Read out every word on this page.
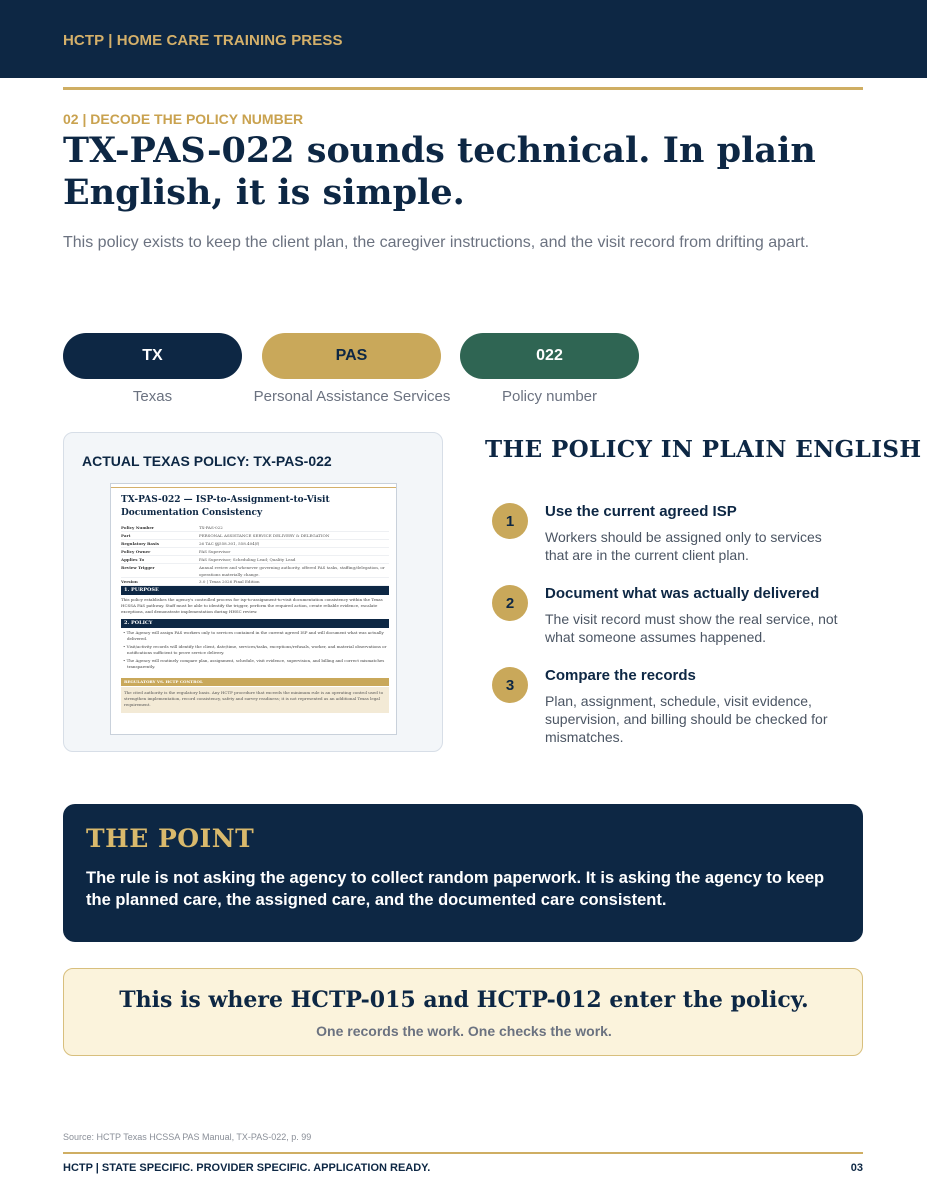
HCTP | HOME CARE TRAINING PRESS
02 | DECODE THE POLICY NUMBER
TX-PAS-022 sounds technical. In plain English, it is simple.
This policy exists to keep the client plan, the caregiver instructions, and the visit record from drifting apart.
TX	PAS	022
Texas	Personal Assistance Services	Policy number
ACTUAL TEXAS POLICY: TX-PAS-022
TX-PAS-022 — ISP-to-Assignment-to-Visit Documentation Consistency
Policy Number	TX-PAS-022
Part	PERSONAL ASSISTANCE SERVICE DELIVERY & DELEGATION
Regulatory Basis	26 TAC §§558.301, 558.404(f)
Policy Owner	PAS Supervisor
Applies To	PAS Supervisor; Scheduling Lead; Quality Lead
Review Trigger	Annual review and whenever governing authority, offered PAS tasks, staffing/delegation, or operations materially change.
Version	3.0 | Texas 2026 Final Edition
1. PURPOSE
This policy establishes the agency's controlled process for isp-to-assignment-to-visit documentation consistency within the Texas HCSSA PAS pathway. Staff must be able to identify the trigger, perform the required action, create reliable evidence, escalate exceptions, and demonstrate implementation during HHSC review.
2. POLICY
• The Agency will assign PAS workers only to services contained in the current agreed ISP and will document what was actually delivered.
• Visit/activity records will identify the client, date/time, services/tasks, exceptions/refusals, worker, and material observations or notifications sufficient to prove service delivery.
• The Agency will routinely compare plan, assignment, schedule, visit evidence, supervision, and billing and correct mismatches transparently.
REGULATORY VS. HCTP CONTROL
The cited authority is the regulatory basis. Any HCTP procedure that exceeds the minimum rule is an operating control used to strengthen implementation, record consistency, safety and survey readiness; it is not represented as an additional Texas legal requirement.
THE POLICY IN PLAIN ENGLISH
1
Use the current agreed ISP
Workers should be assigned only to services that are in the current client plan.
2
Document what was actually delivered
The visit record must show the real service, not what someone assumes happened.
3
Compare the records
Plan, assignment, schedule, visit evidence, supervision, and billing should be checked for mismatches.
THE POINT
The rule is not asking the agency to collect random paperwork. It is asking the agency to keep the planned care, the assigned care, and the documented care consistent.
This is where HCTP-015 and HCTP-012 enter the policy.
One records the work. One checks the work.
Source: HCTP Texas HCSSA PAS Manual, TX-PAS-022, p. 99
HCTP | STATE SPECIFIC. PROVIDER SPECIFIC. APPLICATION READY.	03
